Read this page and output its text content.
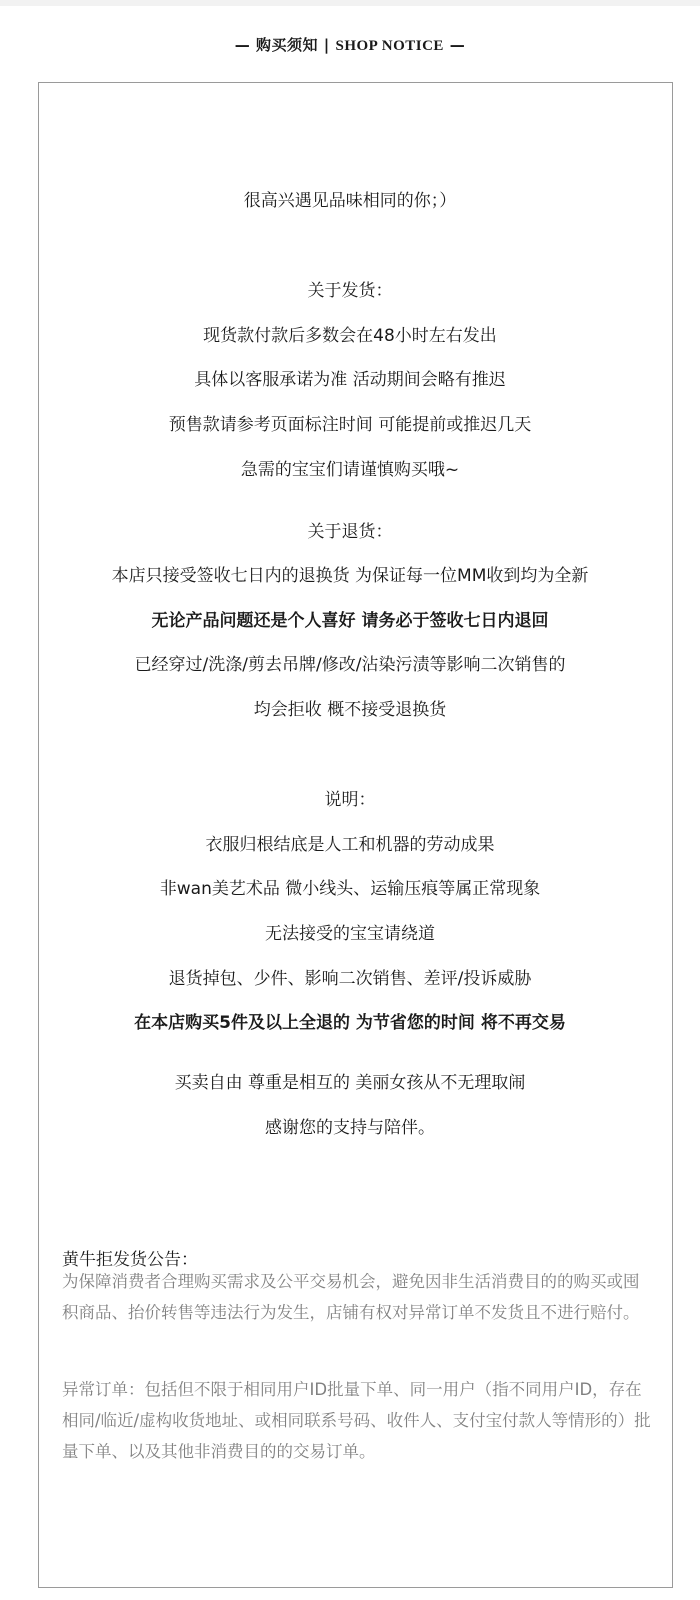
— 购买须知 | SHOP NOTICE —
很高兴遇见品味相同的你；）
关于发货：
现货款付款后多数会在48小时左右发出
具体以客服承诺为准 活动期间会略有推迟
预售款请参考页面标注时间 可能提前或推迟几天
急需的宝宝们请谨慎购买哦~
关于退货：
本店只接受签收七日内的退换货 为保证每一位MM收到均为全新
无论产品问题还是个人喜好 请务必于签收七日内退回
已经穿过/洗涤/剪去吊牌/修改/沾染污渍等影响二次销售的
均会拒收 概不接受退换货
说明：
衣服归根结底是人工和机器的劳动成果
非wan美艺术品 微小线头、运输压痕等属正常现象
无法接受的宝宝请绕道
退货掉包、少件、影响二次销售、差评/投诉威胁
在本店购买5件及以上全退的 为节省您的时间 将不再交易
买卖自由 尊重是相互的 美丽女孩从不无理取闹
感谢您的支持与陪伴。
黄牛拒发货公告：
为保障消费者合理购买需求及公平交易机会，避免因非生活消费目的的购买或囤积商品、抬价转售等违法行为发生，店铺有权对异常订单不发货且不进行赔付。
异常订单：包括但不限于相同用户ID批量下单、同一用户（指不同用户ID，存在相同/临近/虚构收货地址、或相同联系号码、收件人、支付宝付款人等情形的）批量下单、以及其他非消费目的的交易订单。
